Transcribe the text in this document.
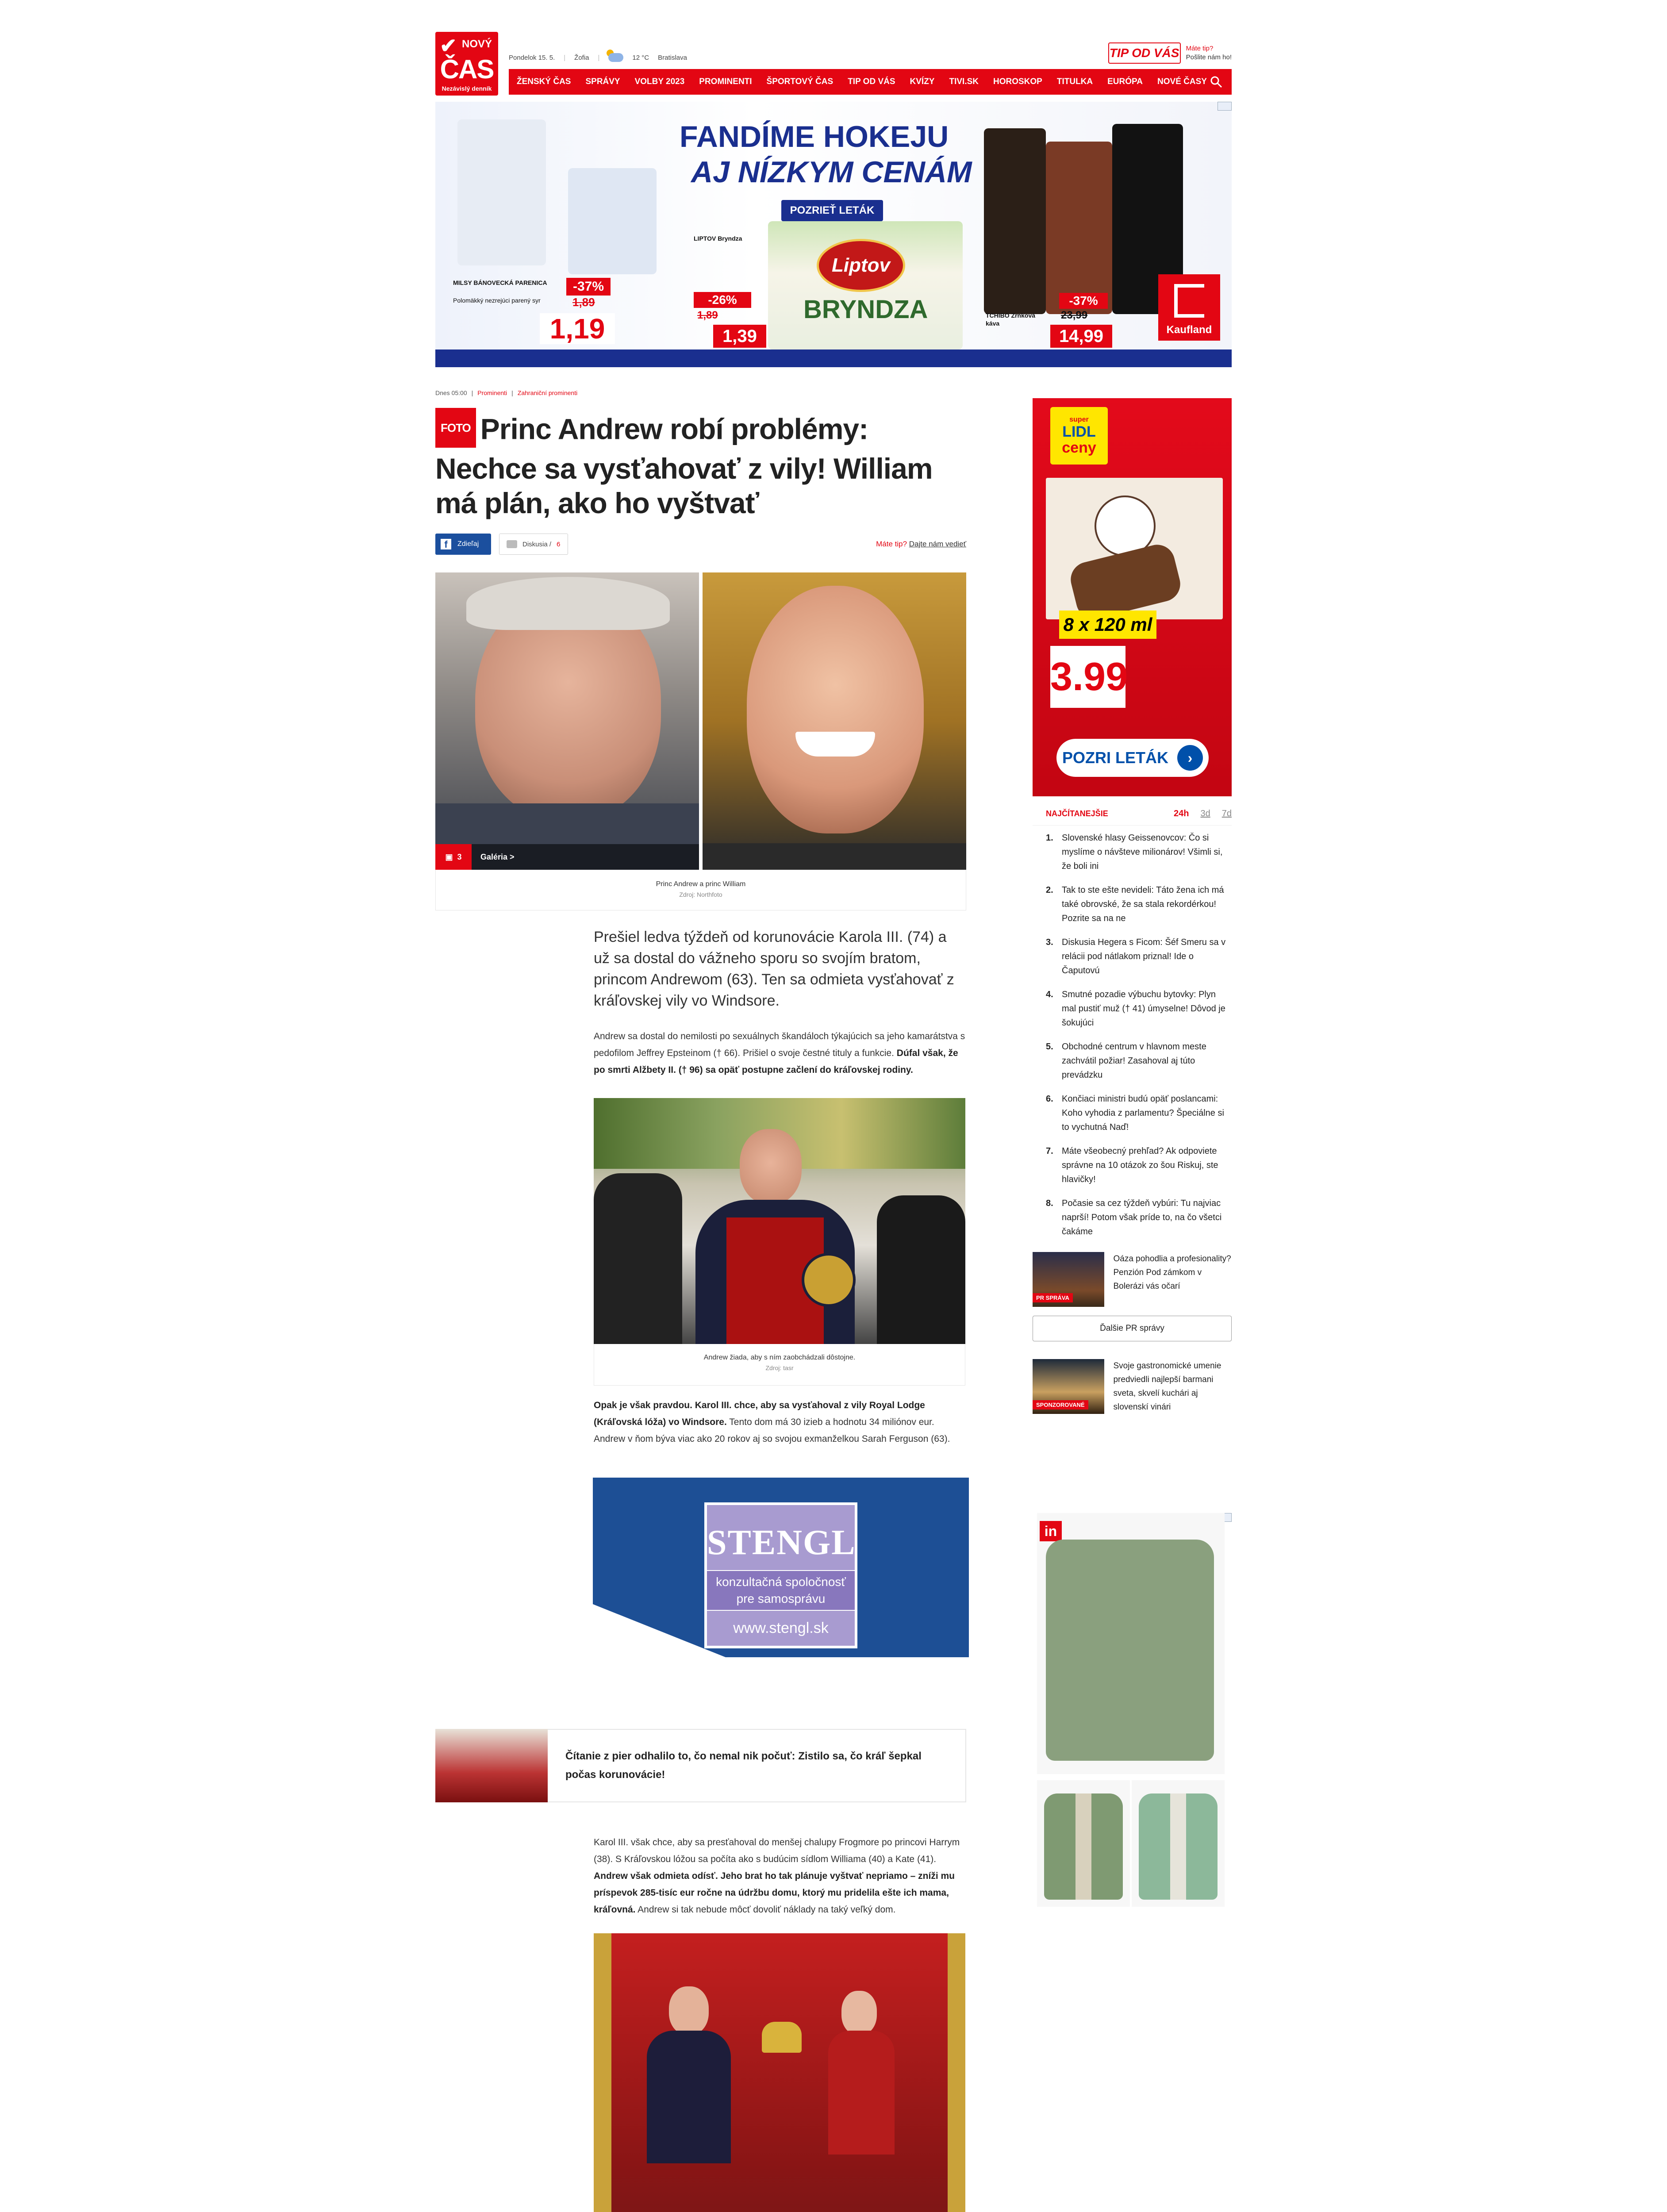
✔ NOVÝ
ČAS
Nezávislý denník
Pondelok 15. 5. | Žofia |	12 °C Bratislava	TIP OD VÁS Máte tip?
Pošlite nám ho!
ŽENSKÝ ČAS SPRÁVY VOLBY 2023 PROMINENTI ŠPORTOVÝ ČAS TIP OD VÁS KVÍZY TIVI.SK HOROSKOP TITULKA EURÓPA NOVÉ ČASY
MILSY BÁNOVECKÁ PARENICA
Polomäkký nezrejúci parený syr
-37%
1,89
1,19
FANDÍME HOKEJU
AJ NÍZKYM CENÁM
LIPTOV Bryndza
-26%
1,89
1,39
POZRIEŤ LETÁK
Liptov
BRYNDZA	TCHIBO Zrnková káva
-37%
23,99
14,99	Kaufland
Dnes 05:00 | Prominenti | Zahraniční prominenti
FOTO Princ Andrew robí problémy: Nechce sa vysťahovať z vily! William má plán, ako ho vyštvať
f	Zdieľaj	Diskusia / 6	Máte tip? Dajte nám vedieť
▣ 3 Galéria >
Princ Andrew a princ William
Zdroj: Northfoto
Prešiel ledva týždeň od korunovácie Karola III. (74) a už sa dostal do vážneho sporu so svojím bratom, princom Andrewom (63). Ten sa odmieta vysťahovať z kráľovskej vily vo Windsore.
Andrew sa dostal do nemilosti po sexuálnych škandáloch týkajúcich sa jeho kamarátstva s pedofilom Jeffrey Epsteinom († 66). Prišiel o svoje čestné tituly a funkcie. Dúfal však, že po smrti Alžbety II. († 96) sa opäť postupne začlení do kráľovskej rodiny.
Andrew žiada, aby s ním zaobchádzali dôstojne.
Zdroj: tasr
Opak je však pravdou. Karol III. chce, aby sa vysťahoval z vily Royal Lodge (Kráľovská lóža) vo Windsore. Tento dom má 30 izieb a hodnotu 34 miliónov eur. Andrew v ňom býva viac ako 20 rokov aj so svojou exmanželkou Sarah Ferguson (63).
STENGL
konzultačná spoločnosť
pre samosprávu
www.stengl.sk
Čítanie z pier odhalilo to, čo nemal nik počuť: Zistilo sa, čo kráľ šepkal počas korunovácie!
Karol III. však chce, aby sa presťahoval do menšej chalupy Frogmore po princovi Harrym (38). S Kráľovskou lóžou sa počíta ako s budúcim sídlom Williama (40) a Kate (41). Andrew však odmieta odísť. Jeho brat ho tak plánuje vyštvať nepriamo – zníži mu príspevok 285-tisíc eur ročne na údržbu domu, ktorý mu pridelila ešte ich mama, kráľovná. Andrew si tak nebude môcť dovoliť náklady na taký veľký dom.
super
LIDL
ceny
8 x 120 ml
3.99
POZRI LETÁK	›
NAJČÍTANEJŠIE	24h 3d 7d
1. Slovenské hlasy Geissenovcov: Čo si myslíme o návšteve milionárov! Všimli si, že boli ini
2. Tak to ste ešte nevideli: Táto žena ich má také obrovské, že sa stala rekordérkou! Pozrite sa na ne
3. Diskusia Hegera s Ficom: Šéf Smeru sa v relácii pod nátlakom priznal! Ide o Čaputovú
4. Smutné pozadie výbuchu bytovky: Plyn mal pustiť muž († 41) úmyselne! Dôvod je šokujúci
5. Obchodné centrum v hlavnom meste zachvátil požiar! Zasahoval aj túto prevádzku
6. Končiaci ministri budú opäť poslancami: Koho vyhodia z parlamentu? Špeciálne si to vychutná Naď!
7. Máte všeobecný prehľad? Ak odpoviete správne na 10 otázok zo šou Riskuj, ste hlavičky!
8. Počasie sa cez týždeň vybúri: Tu najviac naprší! Potom však príde to, na čo všetci čakáme
PR SPRÁVA
Oáza pohodlia a profesionality? Penzión Pod zámkom v Bolerázi vás očarí
Ďalšie PR správy
SPONZOROVANÉ
Svoje gastronomické umenie predviedli najlepší barmani sveta, skvelí kuchári aj slovenskí vinári
in
